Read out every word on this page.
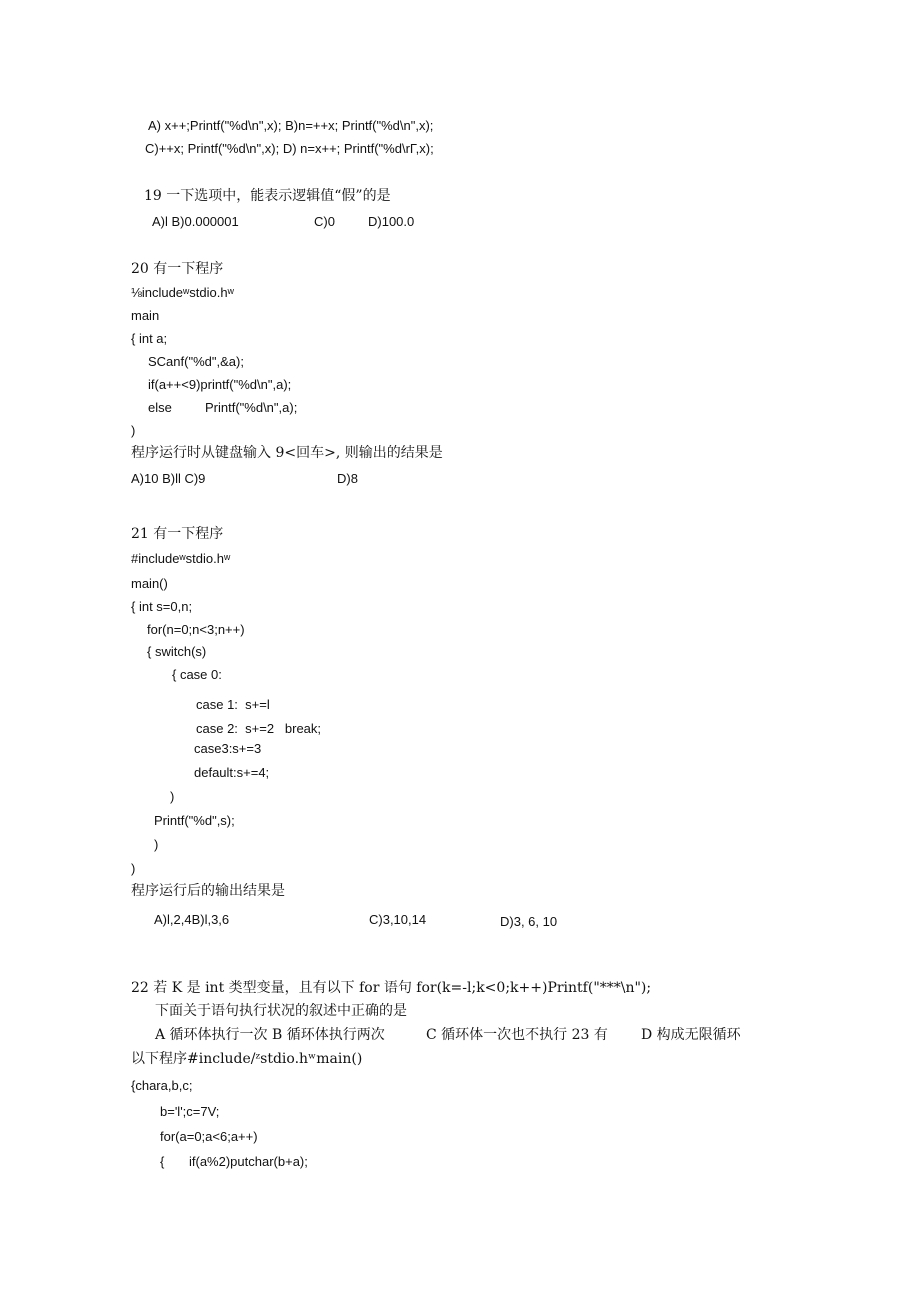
A) x++;Printf("%d\n",x); B)n=++x; Printf("%d\n",x);
C)++x; Printf("%d\n",x); D) n=x++; Printf("%d\rΓ,x);
19 一下选项中，能表示逻辑值“假”的是
A)l B)0.000001	C)0	D)100.0
20 有一下程序
⅛includeʷstdio.hʷ
main
{ int a;
SCanf("%d",&a);
if(a++<9)printf("%d\n",a);
else	Printf("%d\n",a);
)
程序运行时从键盘输入 9<回车>, 则输出的结果是
A)10 B)ll C)9	D)8
21 有一下程序
#includeʷstdio.hʷ
main()
{ int s=0,n;
for(n=0;n<3;n++)
{ switch(s)
{ case 0:
case 1:  s+=l
case 2:  s+=2   break;
case3:s+=3
default:s+=4;
)
Printf("%d",s);
)
)
程序运行后的输出结果是
A)l,2,4B)l,3,6	C)3,10,14	D)3, 6, 10
22 若 K 是 int 类型变量，且有以下 for 语句 for(k=-l;k<0;k++)Printf("***\n");
下面关于语句执行状况的叙述中正确的是
A 循环体执行一次 B 循环体执行两次	C 循环体一次也不执行 23 有 D 构成无限循环
以下程序#include/ᶻstdio.hʷmain()
{chara,b,c;
b='l';c=7V;
for(a=0;a<6;a++)
{ if(a%2)putchar(b+a);
